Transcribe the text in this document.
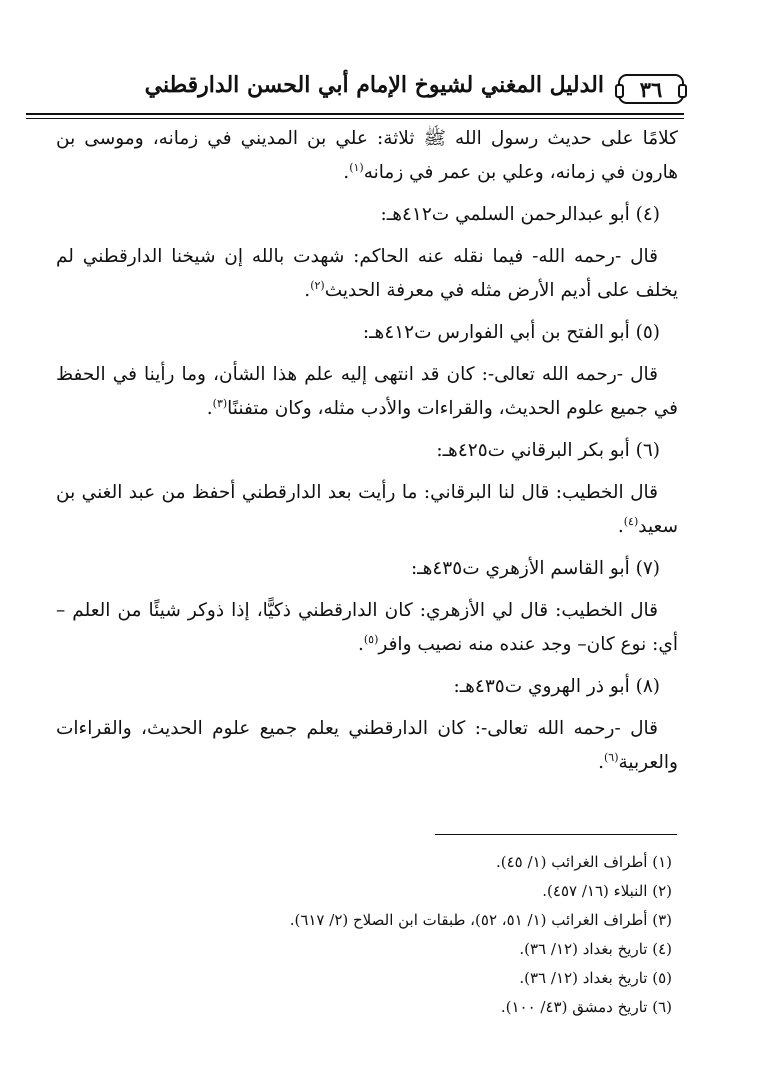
٣٦
الدليل المغني لشيوخ الإمام أبي الحسن الدارقطني

كلامًا على حديث رسول الله ﷺ ثلاثة: علي بن المديني في زمانه، وموسى بن هارون في زمانه، وعلي بن عمر في زمانه$^{(١)}$.

(٤) أبو عبدالرحمن السلمي ت٤١٢هـ:

قال -رحمه الله- فيما نقله عنه الحاكم: شهدت بالله إن شيخنا الدارقطني لم يخلف على أديم الأرض مثله في معرفة الحديث$^{(٢)}$.

(٥) أبو الفتح بن أبي الفوارس ت٤١٢هـ:

قال -رحمه الله تعالى-: كان قد انتهى إليه علم هذا الشأن، وما رأينا في الحفظ في جميع علوم الحديث، والقراءات والأدب مثله، وكان متفننًا$^{(٣)}$.

(٦) أبو بكر البرقاني ت٤٢٥هـ:

قال الخطيب: قال لنا البرقاني: ما رأيت بعد الدارقطني أحفظ من عبد الغني بن سعيد$^{(٤)}$.

(٧) أبو القاسم الأزهري ت٤٣٥هـ:

قال الخطيب: قال لي الأزهري: كان الدارقطني ذكيًّا، إذا ذوكر شيئًا من العلم – أي: نوع كان– وجد عنده منه نصيب وافر$^{(٥)}$.

(٨) أبو ذر الهروي ت٤٣٥هـ:

قال -رحمه الله تعالى-: كان الدارقطني يعلم جميع علوم الحديث، والقراءات والعربية$^{(٦)}$.

(١) أطراف الغرائب (١/ ٤٥).
(٢) النبلاء (١٦/ ٤٥٧).
(٣) أطراف الغرائب (١/ ٥١، ٥٢)، طبقات ابن الصلاح (٢/ ٦١٧).
(٤) تاريخ بغداد (١٢/ ٣٦).
(٥) تاريخ بغداد (١٢/ ٣٦).
(٦) تاريخ دمشق (٤٣/ ١٠٠).
